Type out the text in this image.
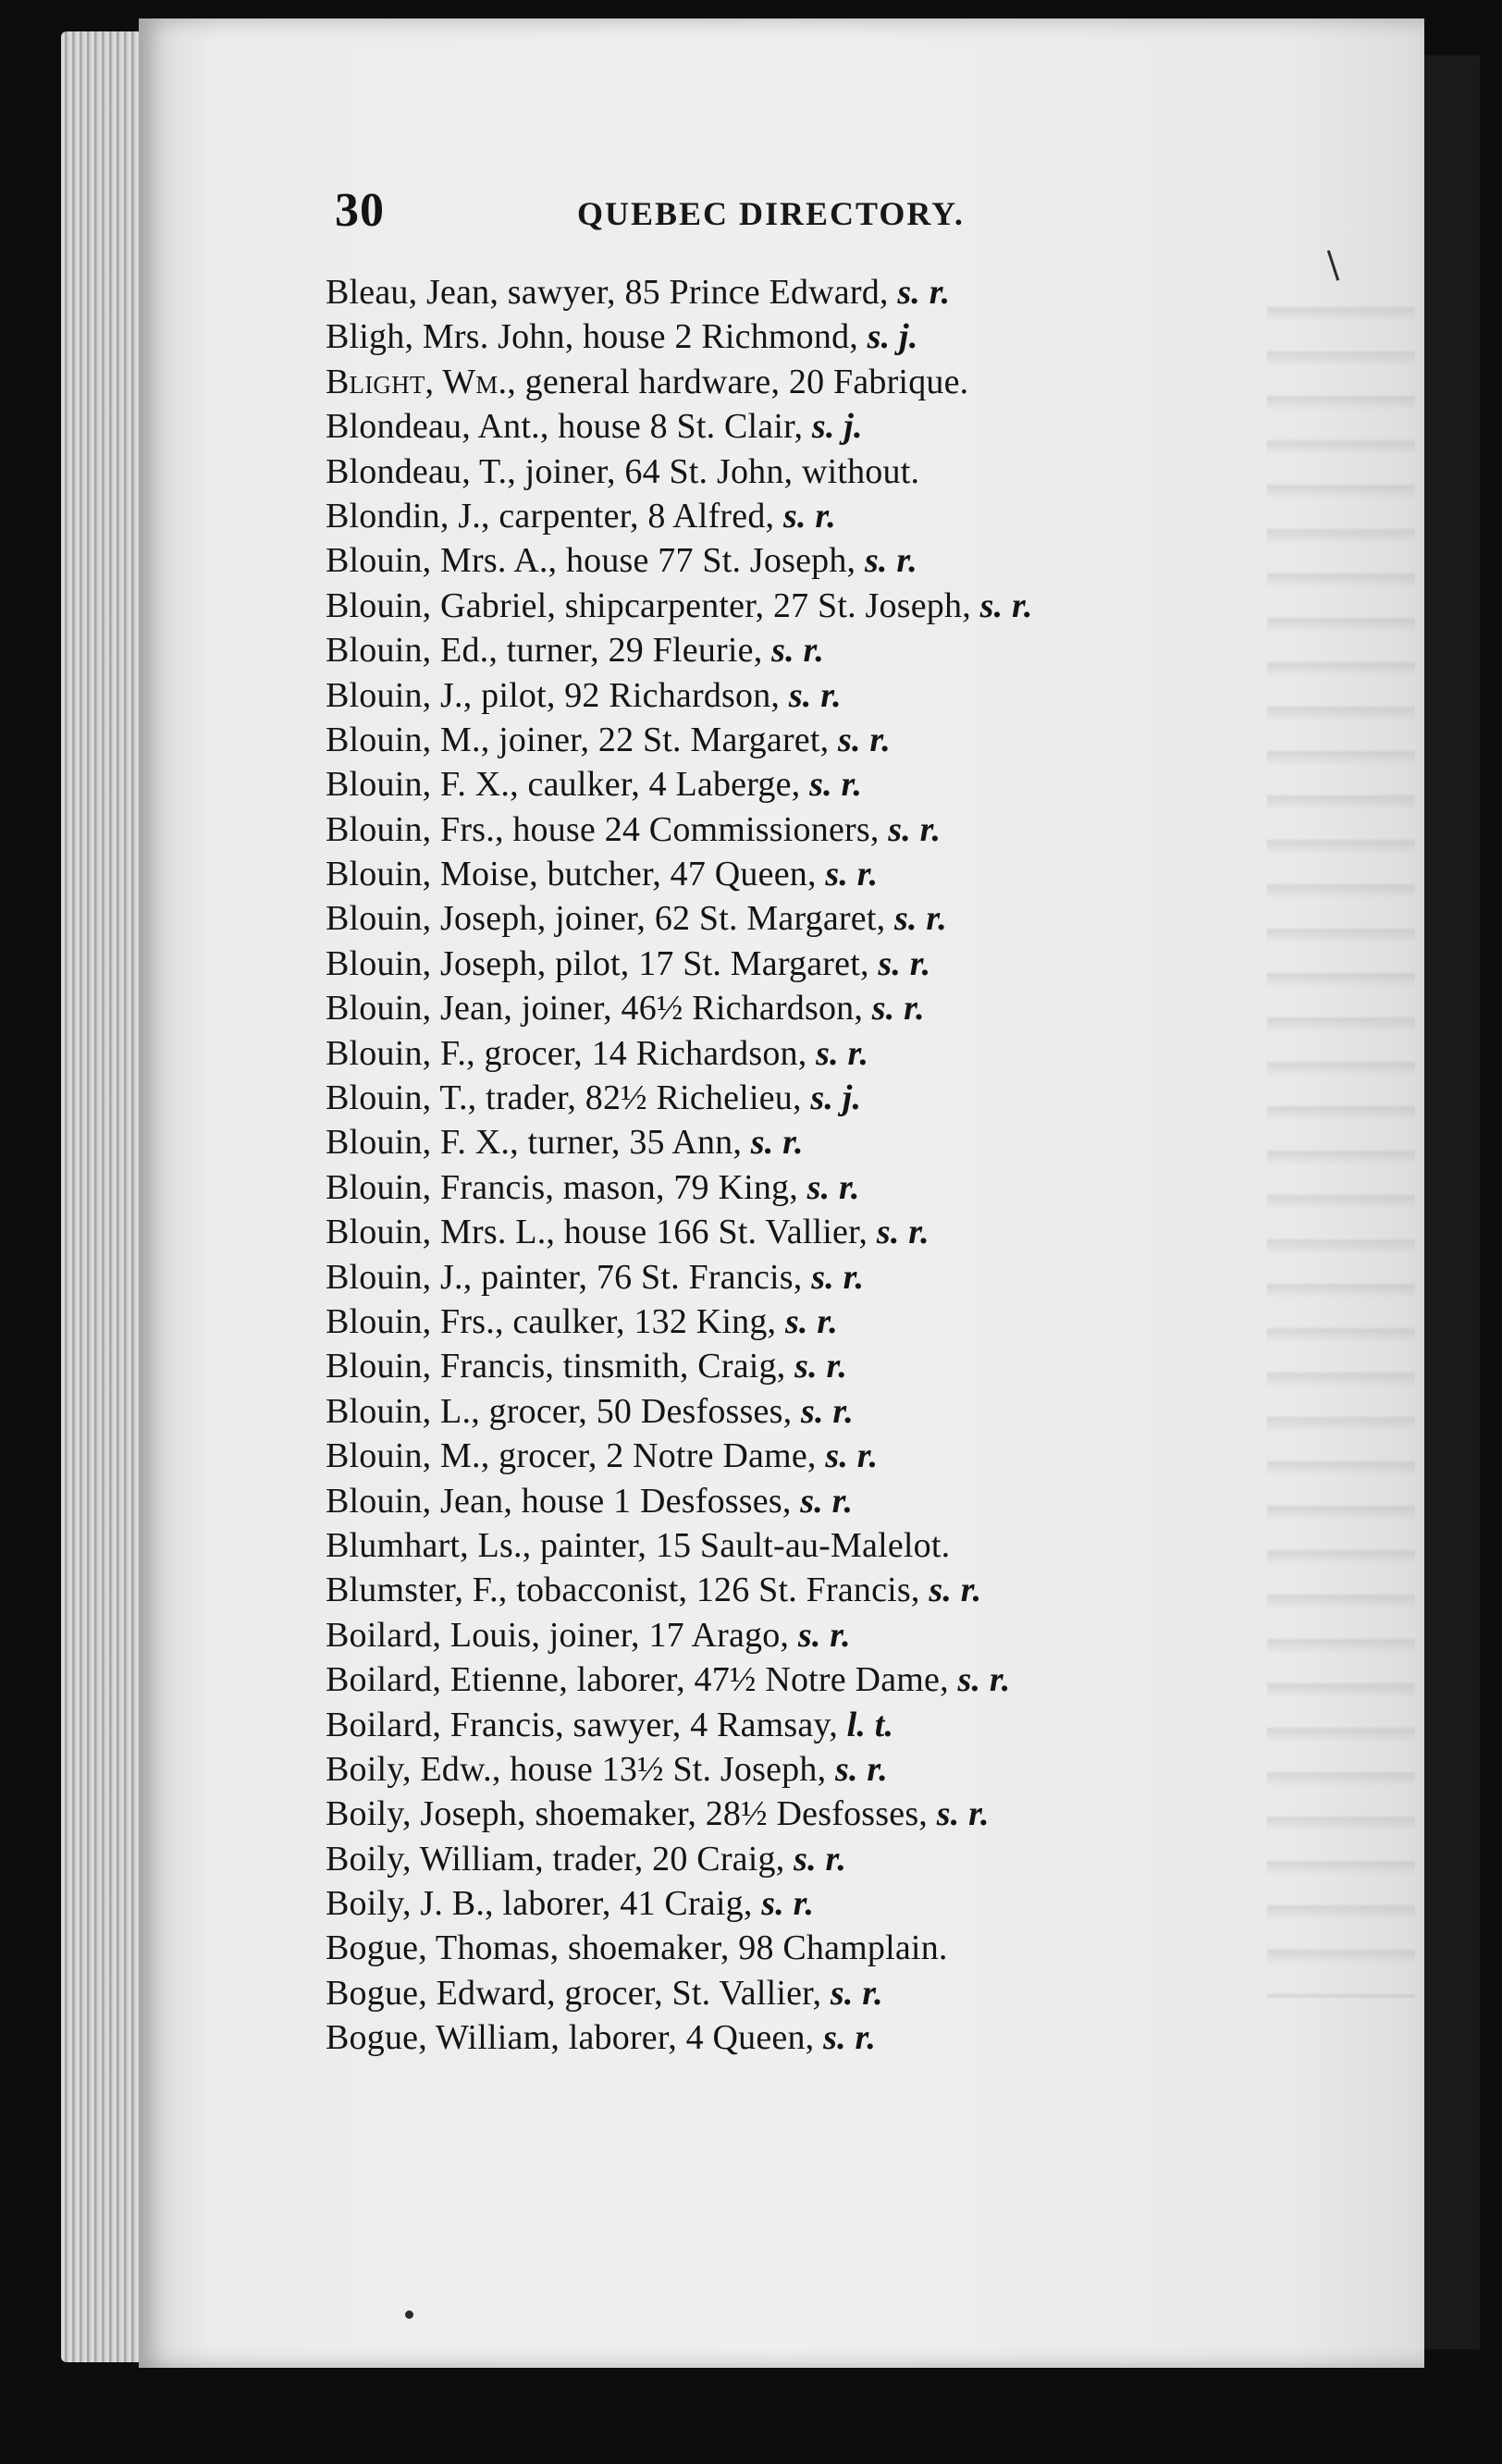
30	QUEBEC DIRECTORY.
Bleau, Jean, sawyer, 85 Prince Edward, s. r.
Bligh, Mrs. John, house 2 Richmond, s. j.
Blight, Wm., general hardware, 20 Fabrique.
Blondeau, Ant., house 8 St. Clair, s. j.
Blondeau, T., joiner, 64 St. John, without.
Blondin, J., carpenter, 8 Alfred, s. r.
Blouin, Mrs. A., house 77 St. Joseph, s. r.
Blouin, Gabriel, shipcarpenter, 27 St. Joseph, s. r.
Blouin, Ed., turner, 29 Fleurie, s. r.
Blouin, J., pilot, 92 Richardson, s. r.
Blouin, M., joiner, 22 St. Margaret, s. r.
Blouin, F. X., caulker, 4 Laberge, s. r.
Blouin, Frs., house 24 Commissioners, s. r.
Blouin, Moise, butcher, 47 Queen, s. r.
Blouin, Joseph, joiner, 62 St. Margaret, s. r.
Blouin, Joseph, pilot, 17 St. Margaret, s. r.
Blouin, Jean, joiner, 46½ Richardson, s. r.
Blouin, F., grocer, 14 Richardson, s. r.
Blouin, T., trader, 82½ Richelieu, s. j.
Blouin, F. X., turner, 35 Ann, s. r.
Blouin, Francis, mason, 79 King, s. r.
Blouin, Mrs. L., house 166 St. Vallier, s. r.
Blouin, J., painter, 76 St. Francis, s. r.
Blouin, Frs., caulker, 132 King, s. r.
Blouin, Francis, tinsmith, Craig, s. r.
Blouin, L., grocer, 50 Desfosses, s. r.
Blouin, M., grocer, 2 Notre Dame, s. r.
Blouin, Jean, house 1 Desfosses, s. r.
Blumhart, Ls., painter, 15 Sault-au-Malelot.
Blumster, F., tobacconist, 126 St. Francis, s. r.
Boilard, Louis, joiner, 17 Arago, s. r.
Boilard, Etienne, laborer, 47½ Notre Dame, s. r.
Boilard, Francis, sawyer, 4 Ramsay, l. t.
Boily, Edw., house 13½ St. Joseph, s. r.
Boily, Joseph, shoemaker, 28½ Desfosses, s. r.
Boily, William, trader, 20 Craig, s. r.
Boily, J. B., laborer, 41 Craig, s. r.
Bogue, Thomas, shoemaker, 98 Champlain.
Bogue, Edward, grocer, St. Vallier, s. r.
Bogue, William, laborer, 4 Queen, s. r.
